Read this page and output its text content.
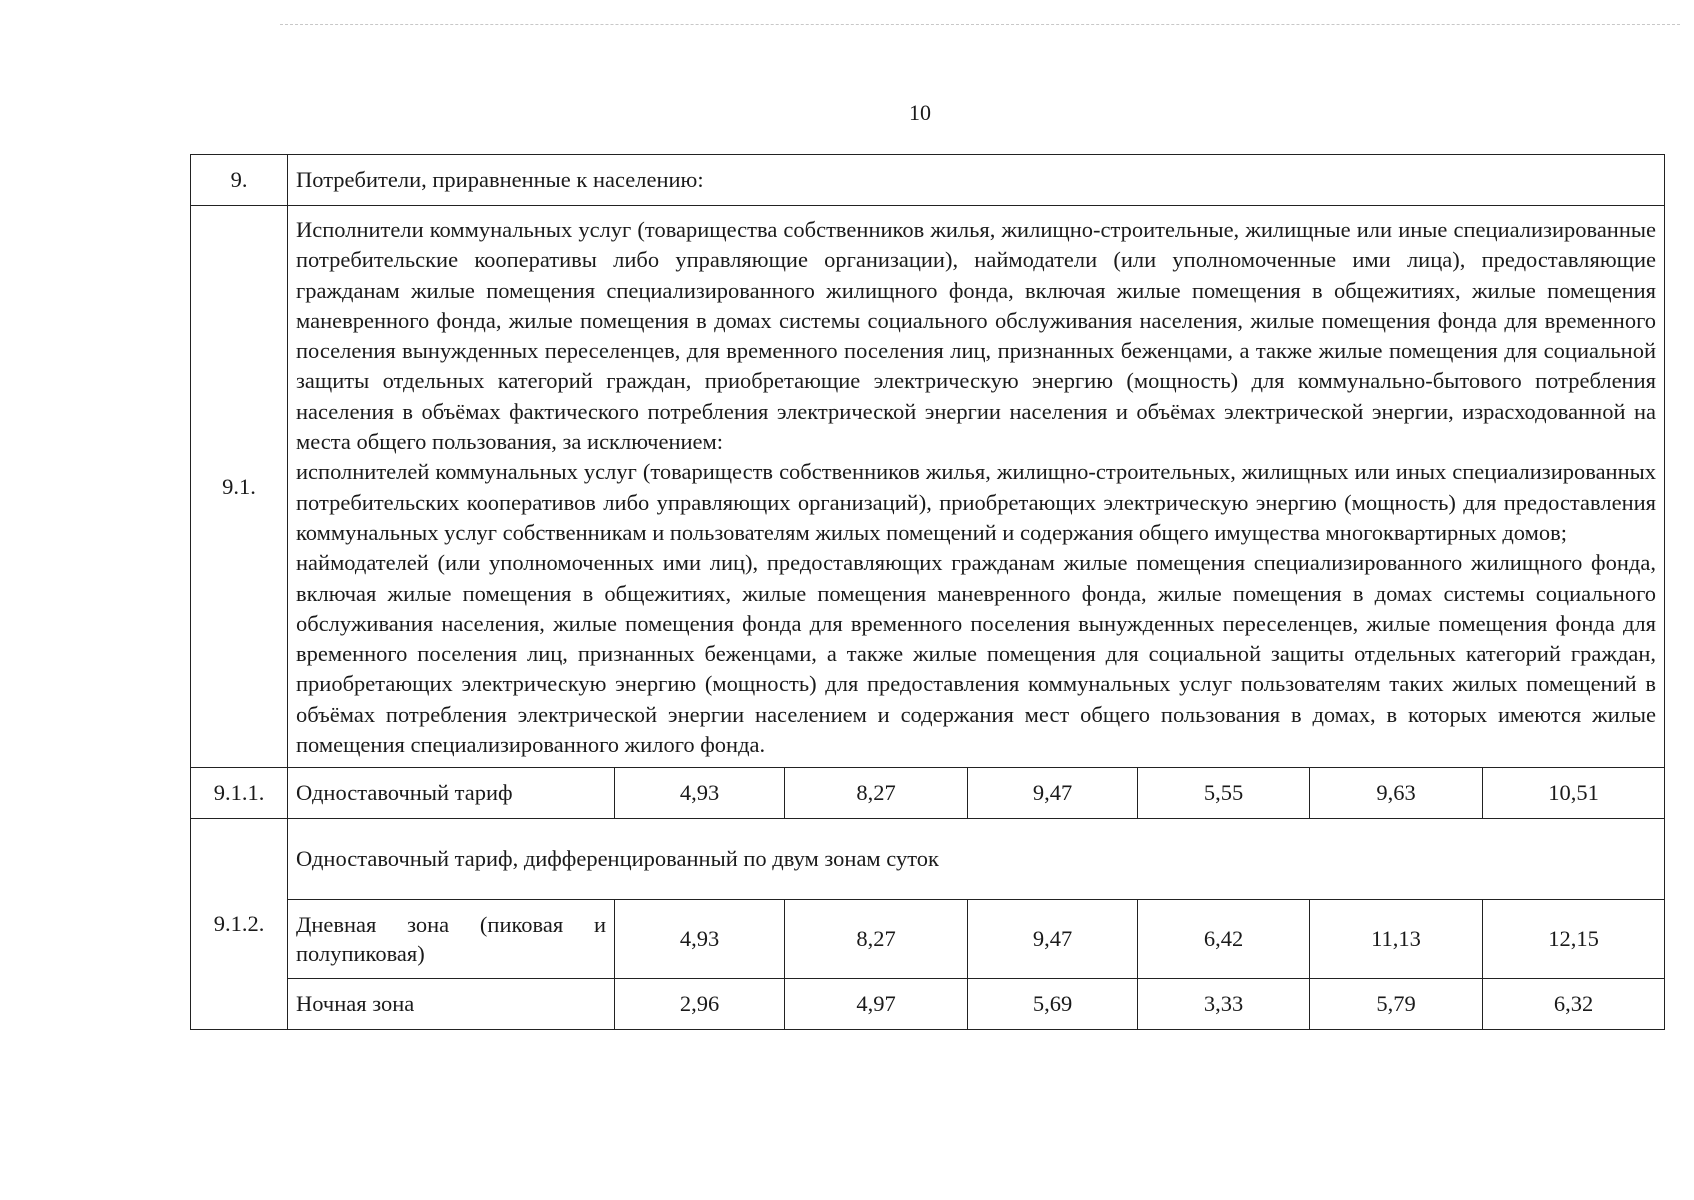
10
9.	Потребители, приравненные к населению:						
9.1.	Исполнители коммунальных услуг (товарищества собственников жилья, жилищно-строительные, жилищные или иные специализированные потребительские кооперативы либо управляющие организации), наймодатели (или уполномоченные ими лица), предоставляющие гражданам жилые помещения специализированного жилищного фонда, включая жилые помещения в общежитиях, жилые помещения маневренного фонда, жилые помещения в домах системы социального обслуживания населения, жилые помещения фонда для временного поселения вынужденных переселенцев, для временного поселения лиц, признанных беженцами, а также жилые помещения для социальной защиты отдельных категорий граждан, приобретающие электрическую энергию (мощность) для коммунально-бытового потребления населения в объёмах фактического потребления электрической энергии населения и объёмах электрической энергии, израсходованной на места общего пользования, за исключением:

исполнителей коммунальных услуг (товариществ собственников жилья, жилищно-строительных, жилищных или иных специализированных потребительских кооперативов либо управляющих организаций), приобретающих электрическую энергию (мощность) для предоставления коммунальных услуг собственникам и пользователям жилых помещений и содержания общего имущества многоквартирных домов;

наймодателей (или уполномоченных ими лиц), предоставляющих гражданам жилые помещения специализированного жилищного фонда, включая жилые помещения в общежитиях, жилые помещения маневренного фонда, жилые помещения в домах системы социального обслуживания населения, жилые помещения фонда для временного поселения вынужденных переселенцев, жилые помещения фонда для временного поселения лиц, признанных беженцами, а также жилые помещения для социальной защиты отдельных категорий граждан, приобретающих электрическую энергию (мощность) для предоставления коммунальных услуг пользователям таких жилых помещений в объёмах потребления электрической энергии населением и содержания мест общего пользования в домах, в которых имеются жилые помещения специализированного жилого фонда.						

9.1.1.	Одноставочный тариф	4,93	8,27	9,47	5,55	9,63	10,51
9.1.2.	Одноставочный тариф, дифференцированный по двум зонам суток						
	Дневная зона (пиковая и полупиковая)	4,93	8,27	9,47	6,42	11,13	12,15
	Ночная зона	2,96	4,97	5,69	3,33	5,79	6,32
